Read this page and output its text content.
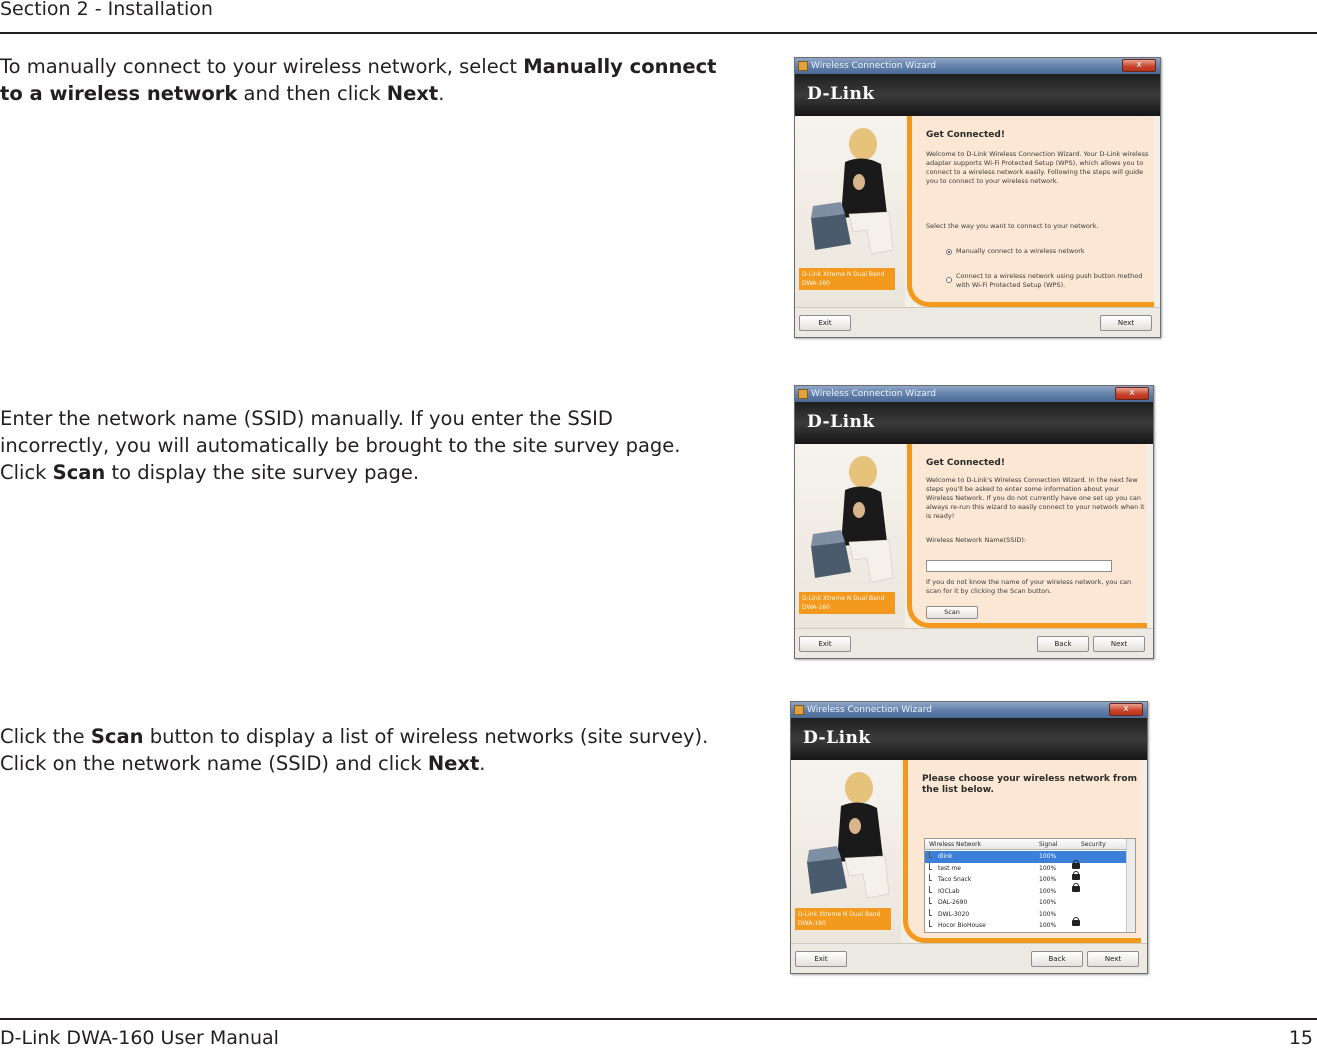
Section 2 - Installation

To manually connect to your wireless network, select Manually connect to a wireless network and then click Next.

Enter the network name (SSID) manually. If you enter the SSID incorrectly, you will automatically be brought to the site survey page. Click Scan to display the site survey page.

Click the Scan button to display a list of wireless networks (site survey). Click on the network name (SSID) and click Next.

Wireless Connection Wizard	x
D-Link
D-Link Xtreme N Dual Band DWA-160
Get Connected!
Welcome to D-Link Wireless Connection Wizard. Your D-Link wireless adapter supports Wi-Fi Protected Setup (WPS), which allows you to connect to a wireless network easily. Following the steps will guide you to connect to your wireless network.
Select the way you want to connect to your network.
Manually connect to a wireless network
Connect to a wireless network using push button method with Wi-Fi Protected Setup (WPS).
Exit	Next
Wireless Connection Wizard	x
D-Link
D-Link Xtreme N Dual Band DWA-160
Get Connected!
Welcome to D-Link's Wireless Connection Wizard. In the next few steps you'll be asked to enter some information about your Wireless Network. If you do not currently have one set up you can always re-run this wizard to easily connect to your network when it is ready!
Wireless Network Name(SSID):
If you do not know the name of your wireless network, you can scan for it by clicking the Scan button.
Scan
Exit	Back	Next
Wireless Connection Wizard	x
D-Link
D-Link Xtreme N Dual Band DWA-160
Please choose your wireless network from the list below.
Wireless Network	Signal	Security
dlink	100%
test me	100%
Taco Snack	100%
IOCLab	100%
DAL-2690	100%
DWL-3020	100%
Hocor BioHouse	100%
Exit	Back	Next
D-Link DWA-160 User Manual	15
